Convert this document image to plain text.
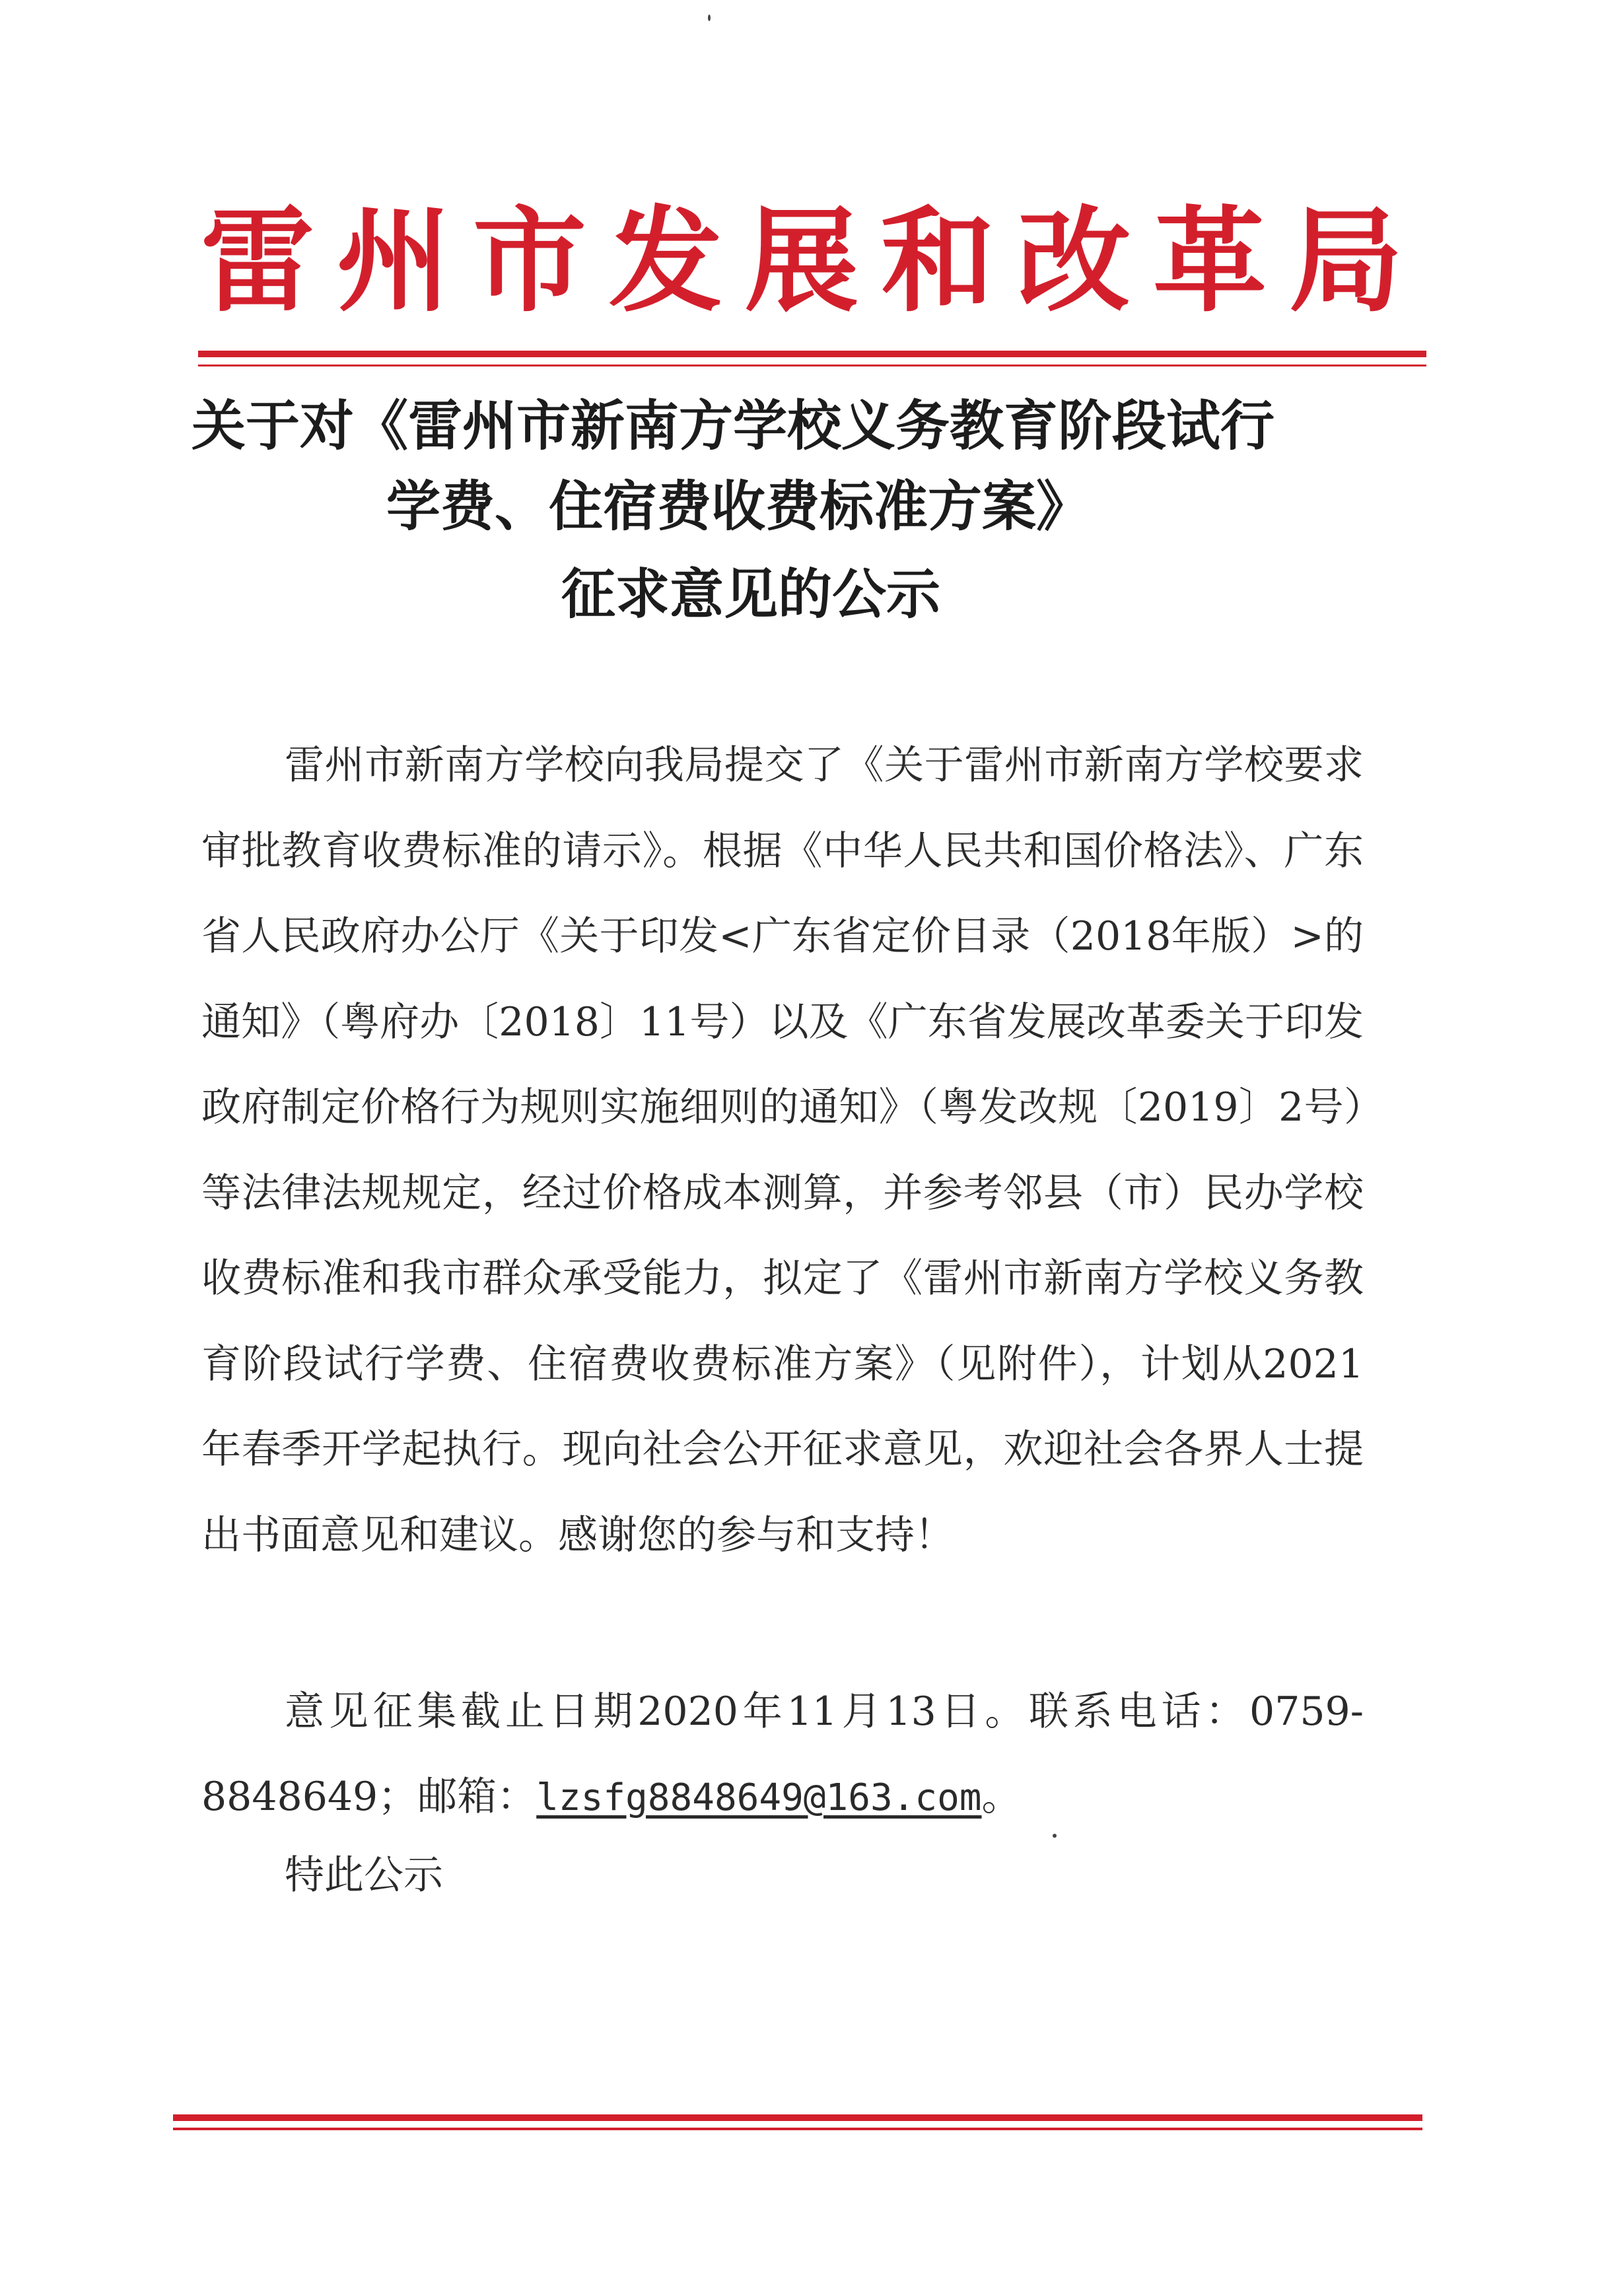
雷州市发展和改革局
关于对《雷州市新南方学校义务教育阶段试行
学费、住宿费收费标准方案》
征求意见的公示

雷州市新南方学校向我局提交了《关于雷州市新南方学校要求审批教育收费标准的请示》。根据《中华人民共和国价格法》、广东省人民政府办公厅《关于印发<广东省定价目录（2018年版）>的通知》（粤府办〔2018〕11号）以及《广东省发展改革委关于印发政府制定价格行为规则实施细则的通知》（粤发改规〔2019〕2号）等法律法规规定，经过价格成本测算，并参考邻县（市）民办学校收费标准和我市群众承受能力，拟定了《雷州市新南方学校义务教育阶段试行学费、住宿费收费标准方案》（见附件），计划从2021年春季开学起执行。现向社会公开征求意见，欢迎社会各界人士提出书面意见和建议。感谢您的参与和支持！

意见征集截止日期2020年11月13日。联系电话：0759-8848649；邮箱：lzsfg8848649@163.com。

特此公示
